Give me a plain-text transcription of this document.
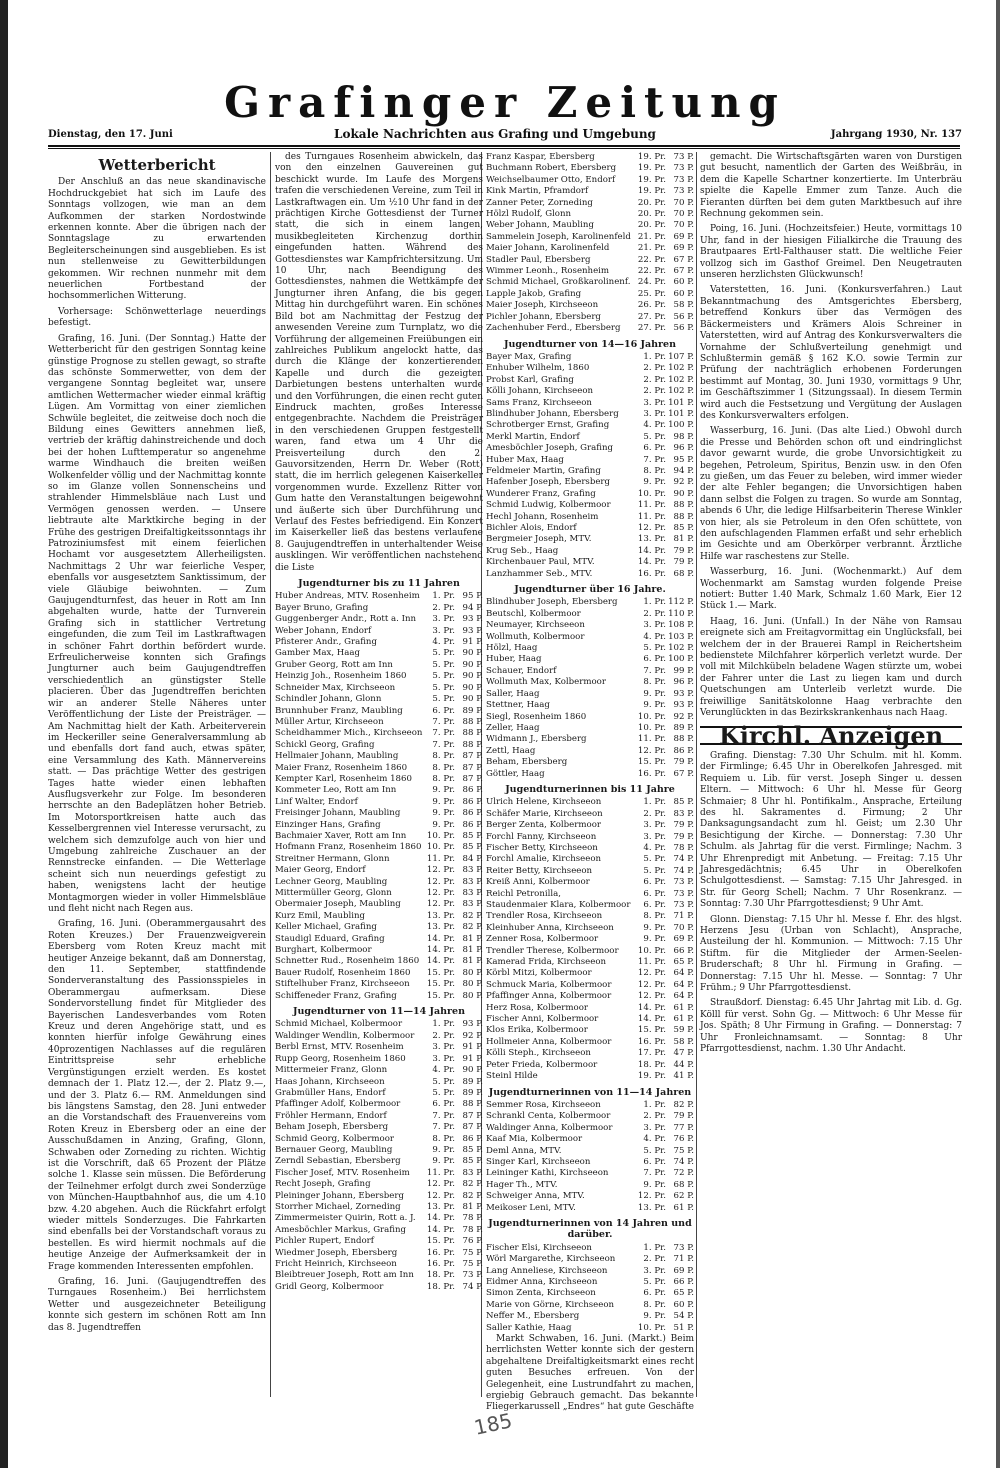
Grafinger Zeitung
Dienstag, den 17. Juni	Lokale Nachrichten aus Grafing und Umgebung	Jahrgang 1930, Nr. 137
Wetterbericht

Der Anschluß an das neue skandinavische Hochdruckgebiet hat sich im Laufe des Sonntags vollzogen, wie man an dem Aufkommen der starken Nordostwinde erkennen konnte. Aber die übrigen nach der Sonntagslage zu erwartenden Begleiterscheinungen sind ausgeblieben. Es ist nun stellenweise zu Gewitterbildungen gekommen. Wir rechnen nunmehr mit dem neuerlichen Fortbestand der hochsommerlichen Witterung.

Vorhersage: Schönwetterlage neuerdings befestigt.

Grafing, 16. Juni. (Der Sonntag.) Hatte der Wetterbericht für den gestrigen Sonntag keine günstige Prognose zu stellen gewagt, so strafte das schönste Sommerwetter, von dem der vergangene Sonntag begleitet war, unsere amtlichen Wettermacher wieder einmal kräftig Lügen. Am Vormittag von einer ziemlichen Schwüle begleitet, die zeitweise doch noch die Bildung eines Gewitters annehmen ließ, vertrieb der kräftig dahinstreichende und doch bei der hohen Lufttemperatur so angenehme warme Windhauch die breiten weißen Wolkenfelder völlig und der Nachmittag konnte so im Glanze vollen Sonnenscheins und strahlender Himmelsbläue nach Lust und Vermögen genossen werden. — Unsere liebtraute alte Marktkirche beging in der Frühe des gestrigen Dreifaltigkeitssonntags ihr Patroziniumsfest mit einem feierlichen Hochamt vor ausgesetztem Allerheiligsten. Nachmittags 2 Uhr war feierliche Vesper, ebenfalls vor ausgesetztem Sanktissimum, der viele Gläubige beiwohnten. — Zum Gaujugendturnfest, das heuer in Rott am Inn abgehalten wurde, hatte der Turnverein Grafing sich in stattlicher Vertretung eingefunden, die zum Teil im Lastkraftwagen in schöner Fahrt dorthin befördert wurde. Erfreulicherweise konnten sich Grafings Jungturner auch beim Gaujugendtreffen verschiedentlich an günstigster Stelle placieren. Über das Jugendtreffen berichten wir an anderer Stelle Näheres unter Veröffentlichung der Liste der Preisträger. — Am Nachmittag hielt der Kath. Arbeiterverein im Heckeriller seine Generalversammlung ab und ebenfalls dort fand auch, etwas später, eine Versammlung des Kath. Männervereins statt. — Das prächtige Wetter des gestrigen Tages hatte wieder einen lebhaften Ausflugsverkehr zur Folge. Im besonderen herrschte an den Badeplätzen hoher Betrieb. Im Motorsportkreisen hatte auch das Kesselbergrennen viel Interesse verursacht, zu welchem sich demzufolge auch von hier und Umgebung zahlreiche Zuschauer an der Rennstrecke einfanden. — Die Wetterlage scheint sich nun neuerdings gefestigt zu haben, wenigstens lacht der heutige Montagmorgen wieder in voller Himmelsbläue und fleht nicht nach Regen aus.

Grafing, 16. Juni. (Oberammergausahrt des Roten Kreuzes.) Der Frauenzweigverein Ebersberg vom Roten Kreuz macht mit heutiger Anzeige bekannt, daß am Donnerstag, den 11. September, stattfindende Sonderveranstaltung des Passionsspieles in Oberammergau aufmerksam. Diese Sondervorstellung findet für Mitglieder des Bayerischen Landesverbandes vom Roten Kreuz und deren Angehörige statt, und es konnten hierfür infolge Gewährung eines 40prozentigen Nachlasses auf die regulären Eintrittspreise sehr erhebliche Vergünstigungen erzielt werden. Es kostet demnach der 1. Platz 12.—, der 2. Platz 9.—, und der 3. Platz 6.— RM. Anmeldungen sind bis längstens Samstag, den 28. Juni entweder an die Vorstandschaft des Frauenvereins vom Roten Kreuz in Ebersberg oder an eine der Ausschußdamen in Anzing, Grafing, Glonn, Schwaben oder Zorneding zu richten. Wichtig ist die Vorschrift, daß 65 Prozent der Plätze solche 1. Klasse sein müssen. Die Beförderung der Teilnehmer erfolgt durch zwei Sonderzüge von München-Hauptbahnhof aus, die um 4.10 bzw. 4.20 abgehen. Auch die Rückfahrt erfolgt wieder mittels Sonderzuges. Die Fahrkarten sind ebenfalls bei der Vorstandschaft voraus zu bestellen. Es wird hiermit nochmals auf die heutige Anzeige der Aufmerksamkeit der in Frage kommenden Interessenten empfohlen.

Grafing, 16. Juni. (Gaujugendtreffen des Turngaues Rosenheim.) Bei herrlichstem Wetter und ausgezeichneter Beteiligung konnte sich gestern im schönen Rott am Inn das 8. Jugendtreffen

des Turngaues Rosenheim abwickeln, das von den einzelnen Gauvereinen gut beschickt wurde. Im Laufe des Morgens trafen die verschiedenen Vereine, zum Teil in Lastkraftwagen ein. Um ½10 Uhr fand in der prächtigen Kirche Gottesdienst der Turner statt, die sich in einem langen, musikbegleiteten Kirchenzug dorthin eingefunden hatten. Während des Gottesdienstes war Kampfrichtersitzung. Um 10 Uhr, nach Beendigung des Gottesdienstes, nahmen die Wettkämpfe der Jungturner ihren Anfang, die bis gegen Mittag hin durchgeführt waren. Ein schönes Bild bot am Nachmittag der Festzug der anwesenden Vereine zum Turnplatz, wo die Vorführung der allgemeinen Freiübungen ein zahlreiches Publikum angelockt hatte, das durch die Klänge der konzertierenden Kapelle und durch die gezeigten Darbietungen bestens unterhalten wurde und den Vorführungen, die einen recht guten Eindruck machten, großes Interesse entgegenbrachte. Nachdem die Preisträger in den verschiedenen Gruppen festgestellt waren, fand etwa um 4 Uhr die Preisverteilung durch den 2. Gauvorsitzenden, Herrn Dr. Weber (Rott) statt, die im herrlich gelegenen Kaiserkeller vorgenommen wurde. Exzellenz Ritter von Gum hatte den Veranstaltungen beigewohnt und äußerte sich über Durchführung und Verlauf des Festes befriedigend. Ein Konzert im Kaiserkeller ließ das bestens verlaufene 8. Gaujugendtreffen in unterhaltender Weise ausklingen. Wir veröffentlichen nachstehend die Liste

Jugendturner bis zu 11 Jahren
Huber Andreas, MTV. Rosenheim	1. Pr. 95 P.
Bayer Bruno, Grafing	2. Pr. 94 P.
Guggenberger Andr., Rott a. Inn	3. Pr. 93 P.
Weber Johann, Endorf	3. Pr. 93 P.
Pfisterer Andr., Grafing	4. Pr. 91 P.
Gamber Max, Haag	5. Pr. 90 P.
Gruber Georg, Rott am Inn	5. Pr. 90 P.
Heinzig Joh., Rosenheim 1860	5. Pr. 90 P.
Schneider Max, Kirchseeon	5. Pr. 90 P.
Schindler Johann, Glonn	5. Pr. 90 P.
Brunnhuber Franz, Maubling	6. Pr. 89 P.
Müller Artur, Kirchseeon	7. Pr. 88 P.
Scheidhammer Mich., Kirchseeon	7. Pr. 88 P.
Schickl Georg, Grafing	7. Pr. 88 P.
Hellmaier Johann, Maubling	8. Pr. 87 P.
Maier Franz, Rosenheim 1860	8. Pr. 87 P.
Kempter Karl, Rosenheim 1860	8. Pr. 87 P.
Kommeter Leo, Rott am Inn	9. Pr. 86 P.
Linf Walter, Endorf	9. Pr. 86 P.
Freisinger Johann, Maubling	9. Pr. 86 P.
Einzinger Hans, Grafing	9. Pr. 86 P.
Bachmaier Xaver, Rott am Inn	10. Pr. 85 P.
Hofmann Franz, Rosenheim 1860 10. Pr. 85 P.
Streitner Hermann, Glonn	11. Pr. 84 P.
Maier Georg, Endorf	12. Pr. 83 P.
Lechner Georg, Maubling	12. Pr. 83 P.
Mittermüller Georg, Glonn	12. Pr. 83 P.
Obermaier Joseph, Maubling	12. Pr. 83 P.
Kurz Emil, Maubling	13. Pr. 82 P.
Keller Michael, Grafing	13. Pr. 82 P.
Staudigl Eduard, Grafing	14. Pr. 81 P.
Burghart, Kolbermoor	14. Pr. 81 P.
Schnetter Rud., Rosenheim 1860 14. Pr. 81 P.
Bauer Rudolf, Rosenheim 1860	15. Pr. 80 P.
Stiftelhuber Franz, Kirchseeon	15. Pr. 80 P.
Schiffeneder Franz, Grafing	15. Pr. 80 P.
Jugendturner von 11—14 Jahren
Schmid Michael, Kolbermoor	1. Pr. 93 P.
Waldinger Wendlin, Kolbermoor	2. Pr. 92 P.
Berbl Ernst, MTV. Rosenheim	3. Pr. 91 P.
Rupp Georg, Rosenheim 1860	3. Pr. 91 P.
Mittermeier Franz, Glonn	4. Pr. 90 P.
Haas Johann, Kirchseeon	5. Pr. 89 P.
Grabmüller Hans, Endorf	5. Pr. 89 P.
Pfaffinger Adolf, Kolbermoor	6. Pr. 88 P.
Fröhler Hermann, Endorf	7. Pr. 87 P.
Beham Joseph, Ebersberg	7. Pr. 87 P.
Schmid Georg, Kolbermoor	8. Pr. 86 P.
Bernauer Georg, Maubling	9. Pr. 85 P.
Zerndl Sebastian, Ebersberg	9. Pr. 85 P.
Fischer Josef, MTV. Rosenheim	11. Pr. 83 P.
Recht Joseph, Grafing	12. Pr. 82 P.
Pleininger Johann, Ebersberg	12. Pr. 82 P.
Storrher Michael, Zorneding	13. Pr. 81 P.
Zimmermeister Quirin, Rott a. J.	14. Pr. 78 P.
Amesböchler Markus, Grafing	14. Pr. 78 P.
Pichler Rupert, Endorf	15. Pr. 76 P.
Wiedmer Joseph, Ebersberg	16. Pr. 75 P.
Fricht Heinrich, Kirchseeon	16. Pr. 75 P.
Bleibtreuer Joseph, Rott am Inn	18. Pr. 73 P.
Gridl Georg, Kolbermoor	18. Pr. 74 P.
Franz Kaspar, Ebersberg	19. Pr. 73 P.
Buchmann Robert, Ebersberg	19. Pr. 73 P.
Weichselbaumer Otto, Endorf	19. Pr. 73 P.
Kink Martin, Pframdorf	19. Pr. 73 P.
Zanner Peter, Zorneding	20. Pr. 70 P.
Hölzl Rudolf, Glonn	20. Pr. 70 P.
Weber Johann, Maubling	20. Pr. 70 P.
Sammelein Joseph, Karolinenfeld 21. Pr. 69 P.
Maier Johann, Karolinenfeld	21. Pr. 69 P.
Stadler Paul, Ebersberg	22. Pr. 67 P.
Wimmer Leonh., Rosenheim	22. Pr. 67 P.
Schmid Michael, Großkarolinenf. 24. Pr. 60 P.
Lapple Jakob, Grafing	25. Pr. 60 P.
Maier Joseph, Kirchseeon	26. Pr. 58 P.
Pichler Johann, Ebersberg	27. Pr. 56 P.
Zachenhuber Ferd., Ebersberg	27. Pr. 56 P.
Jugendturner von 14—16 Jahren
Bayer Max, Grafing	1. Pr. 107 P.
Enhuber Wilhelm, 1860	2. Pr. 102 P.
Probst Karl, Grafing	2. Pr. 102 P.
Kölli Johann, Kirchseeon	2. Pr. 102 P.
Sams Franz, Kirchseeon	3. Pr. 101 P.
Blindhuber Johann, Ebersberg	3. Pr. 101 P.
Schrotberger Ernst, Grafing	4. Pr. 100 P.
Merkl Martin, Endorf	5. Pr. 98 P.
Amesböchler Joseph, Grafing	6. Pr. 96 P.
Huber Max, Haag	7. Pr. 95 P.
Feldmeier Martin, Grafing	8. Pr. 94 P.
Hafenber Joseph, Ebersberg	9. Pr. 92 P.
Wunderer Franz, Grafing	10. Pr. 90 P.
Schmid Ludwig, Kolbermoor	11. Pr. 88 P.
Hechl Johann, Rosenheim	11. Pr. 88 P.
Bichler Alois, Endorf	12. Pr. 85 P.
Bergmeier Joseph, MTV.	13. Pr. 81 P.
Krug Seb., Haag	14. Pr. 79 P.
Kirchenbauer Paul, MTV.	14. Pr. 79 P.
Lanzhammer Seb., MTV.	16. Pr. 68 P.
Jugendturner über 16 Jahre.
Blindhuber Joseph, Ebersberg	1. Pr. 112 P.
Beutschl, Kolbermoor	2. Pr. 110 P.
Neumayer, Kirchseeon	3. Pr. 108 P.
Wollmuth, Kolbermoor	4. Pr. 103 P.
Hölzl, Haag	5. Pr. 102 P.
Huber, Haag	6. Pr. 100 P.
Schauer, Endorf	7. Pr. 99 P.
Wollmuth Max, Kolbermoor	8. Pr. 96 P.
Saller, Haag	9. Pr. 93 P.
Stettner, Haag	9. Pr. 93 P.
Siegl, Rosenheim 1860	10. Pr. 92 P.
Zeller, Haag	10. Pr. 89 P.
Widmann J., Ebersberg	11. Pr. 88 P.
Zettl, Haag	12. Pr. 86 P.
Beham, Ebersberg	15. Pr. 79 P.
Göttler, Haag	16. Pr. 67 P.
Jugendturnerinnen bis 11 Jahre
Ulrich Helene, Kirchseeon	1. Pr. 85 P.
Schäfer Marie, Kirchseeon	2. Pr. 83 P.
Berger Zenta, Kolbermoor	3. Pr. 79 P.
Forchl Fanny, Kirchseeon	3. Pr. 79 P.
Fischer Betty, Kirchseeon	4. Pr. 78 P.
Forchl Amalie, Kirchseeon	5. Pr. 74 P.
Reiter Betty, Kirchseeon	5. Pr. 74 P.
Kreiß Anni, Kolbermoor	6. Pr. 73 P.
Reichl Petronilla,	6. Pr. 73 P.
Staudenmaier Klara, Kolbermoor	6. Pr. 73 P.
Trendler Rosa, Kirchseeon	8. Pr. 71 P.
Kleinhuber Anna, Kirchseeon	9. Pr. 70 P.
Zenner Rosa, Kolbermoor	9. Pr. 69 P.
Trendler Therese, Kolbermoor	10. Pr. 66 P.
Kamerad Frida, Kirchseeon	11. Pr. 65 P.
Körbl Mitzi, Kolbermoor	12. Pr. 64 P.
Schmuck Maria, Kolbermoor	12. Pr. 64 P.
Pfaffinger Anna, Kolbermoor	12. Pr. 64 P.
Herz Rosa, Kolbermoor	14. Pr. 61 P.
Fischer Anni, Kolbermoor	14. Pr. 61 P.
Klos Erika, Kolbermoor	15. Pr. 59 P.
Hollmeier Anna, Kolbermoor	16. Pr. 58 P.
Kölli Steph., Kirchseeon	17. Pr. 47 P.
Peter Frieda, Kolbermoor	18. Pr. 44 P.
Steinl Hilde	19. Pr. 41 P.
Jugendturnerinnen von 11—14 Jahren
Semmer Rosa, Kirchseeon	1. Pr. 82 P.
Schrankl Centa, Kolbermoor	2. Pr. 79 P.
Waldinger Anna, Kolbermoor	3. Pr. 77 P.
Kaaf Mia, Kolbermoor	4. Pr. 76 P.
Deml Anna, MTV.	5. Pr. 75 P.
Singer Karl, Kirchseeon	6. Pr. 74 P.
Leininger Kathi, Kirchseeon	7. Pr. 72 P.
Hager Th., MTV.	9. Pr. 68 P.
Schweiger Anna, MTV.	12. Pr. 62 P.
Meikoser Leni, MTV.	13. Pr. 61 P.
Jugendturnerinnen von 14 Jahren und darüber.
Fischer Elsi, Kirchseeon	1. Pr. 73 P.
Wörl Margarethe, Kirchseeon	2. Pr. 71 P.
Lang Anneliese, Kirchseeon	3. Pr. 69 P.
Eidmer Anna, Kirchseeon	5. Pr. 66 P.
Simon Zenta, Kirchseeon	6. Pr. 65 P.
Marie von Görne, Kirchseeon	8. Pr. 60 P.
Neffer M., Ebersberg	9. Pr. 54 P.
Saller Kathie, Haag	10. Pr. 51 P.

Markt Schwaben, 16. Juni. (Markt.) Beim herrlichsten Wetter konnte sich der gestern abgehaltene Dreifaltigkeitsmarkt eines recht guten Besuches erfreuen. Von der Gelegenheit, eine Lustrundfahrt zu machen, ergiebig Gebrauch gemacht. Das bekannte Fliegerkarussell „Endres“ hat gute Geschäfte

gemacht. Die Wirtschaftsgärten waren von Durstigen gut besucht, namentlich der Garten des Weißbräu, in dem die Kapelle Schartner konzertierte. Im Unterbräu spielte die Kapelle Emmer zum Tanze. Auch die Fieranten dürften bei dem guten Marktbesuch auf ihre Rechnung gekommen sein.

Poing, 16. Juni. (Hochzeitsfeier.) Heute, vormittags 10 Uhr, fand in der hiesigen Filialkirche die Trauung des Brautpaares Ertl-Falthauser statt. Die weltliche Feier vollzog sich im Gasthof Greimel. Den Neugetrauten unseren herzlichsten Glückwunsch!

Vaterstetten, 16. Juni. (Konkursverfahren.) Laut Bekanntmachung des Amtsgerichtes Ebersberg, betreffend Konkurs über das Vermögen des Bäckermeisters und Krämers Alois Schreiner in Vaterstetten, wird auf Antrag des Konkursverwalters die Vornahme der Schlußverteilung genehmigt und Schlußtermin gemäß § 162 K.O. sowie Termin zur Prüfung der nachträglich erhobenen Forderungen bestimmt auf Montag, 30. Juni 1930, vormittags 9 Uhr, im Geschäftszimmer 1 (Sitzungssaal). In diesem Termin wird auch die Festsetzung und Vergütung der Auslagen des Konkursverwalters erfolgen.

Wasserburg, 16. Juni. (Das alte Lied.) Obwohl durch die Presse und Behörden schon oft und eindringlichst davor gewarnt wurde, die grobe Unvorsichtigkeit zu begehen, Petroleum, Spiritus, Benzin usw. in den Ofen zu gießen, um das Feuer zu beleben, wird immer wieder der alte Fehler begangen; die Unvorsichtigen haben dann selbst die Folgen zu tragen. So wurde am Sonntag, abends 6 Uhr, die ledige Hilfsarbeiterin Therese Winkler von hier, als sie Petroleum in den Ofen schüttete, von den aufschlagenden Flammen erfaßt und sehr erheblich im Gesichte und am Oberkörper verbrannt. Ärztliche Hilfe war raschestens zur Stelle.

Wasserburg, 16. Juni. (Wochenmarkt.) Auf dem Wochenmarkt am Samstag wurden folgende Preise notiert: Butter 1.40 Mark, Schmalz 1.60 Mark, Eier 12 Stück 1.— Mark.

Haag, 16. Juni. (Unfall.) In der Nähe von Ramsau ereignete sich am Freitagvormittag ein Unglücksfall, bei welchem der in der Brauerei Rampl in Reichertsheim bedienstete Milchfahrer körperlich verletzt wurde. Der voll mit Milchkübeln beladene Wagen stürzte um, wobei der Fahrer unter die Last zu liegen kam und durch Quetschungen am Unterleib verletzt wurde. Die freiwillige Sanitätskolonne Haag verbrachte den Verunglückten in das Bezirkskrankenhaus nach Haag.

Kirchl. Anzeigen

Grafing. Dienstag: 7.30 Uhr Schulm. mit hl. Komm. der Firmlinge; 6.45 Uhr in Oberelkofen Jahresged. mit Requiem u. Lib. für verst. Joseph Singer u. dessen Eltern. — Mittwoch: 6 Uhr hl. Messe für Georg Schmaier; 8 Uhr hl. Pontifikalm., Ansprache, Erteilung des hl. Sakramentes d. Firmung; 2 Uhr Danksagungsandacht zum hl. Geist; um 2.30 Uhr Besichtigung der Kirche. — Donnerstag: 7.30 Uhr Schulm. als Jahrtag für die verst. Firmlinge; Nachm. 3 Uhr Ehrenpredigt mit Anbetung. — Freitag: 7.15 Uhr Jahresgedächtnis; 6.45 Uhr in Oberelkofen Schulgottesdienst. — Samstag: 7.15 Uhr Jahresged. in Str. für Georg Schell; Nachm. 7 Uhr Rosenkranz. — Sonntag: 7.30 Uhr Pfarrgottesdienst; 9 Uhr Amt.

Glonn. Dienstag: 7.15 Uhr hl. Messe f. Ehr. des hlgst. Herzens Jesu (Urban von Schlacht), Ansprache, Austeilung der hl. Kommunion. — Mittwoch: 7.15 Uhr Stiftm. für die Mitglieder der Armen-Seelen-Bruderschaft; 8 Uhr hl. Firmung in Grafing. — Donnerstag: 7.15 Uhr hl. Messe. — Sonntag: 7 Uhr Frühm.; 9 Uhr Pfarrgottesdienst.

Straußdorf. Dienstag: 6.45 Uhr Jahrtag mit Lib. d. Gg. Kölll für verst. Sohn Gg. — Mittwoch: 6 Uhr Messe für Jos. Späth; 8 Uhr Firmung in Grafing. — Donnerstag: 7 Uhr Fronleichnamsamt. — Sonntag: 8 Uhr Pfarrgottesdienst, nachm. 1.30 Uhr Andacht.

185
